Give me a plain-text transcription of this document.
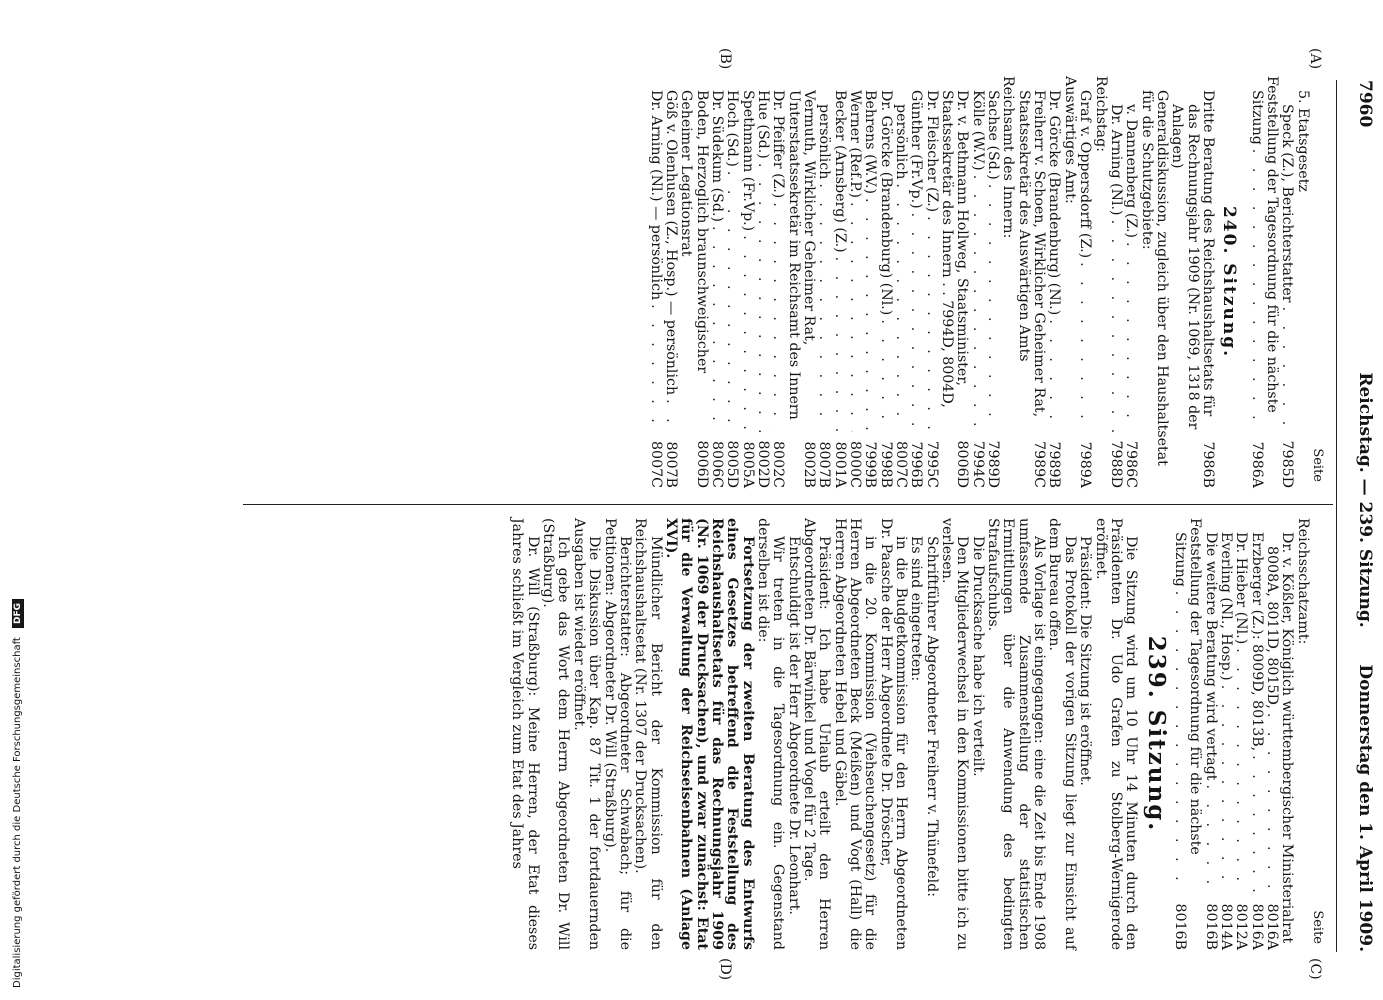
7960
Reichstag. — 239. Sitzung.
Donnerstag den 1. April 1909.
(A)
(B)
(C)
(D)
Seite
5. Etatsgesetz
Speck (Z.), Berichterstatter
. . .
7985D
Feststellung der Tagesordnung für die nächste
Sitzung
. . .
7986A
240. Sitzung.
Dritte Beratung des Reichshaushaltsetats für das Rechnungsjahr 1909 (Nr. 1069, 1318 der Anlagen)
7986B
Generaldiskussion, zugleich über den Haushaltsetat für die Schutzgebiete:
v. Dannenberg (Z.)
. . .
7986C
Dr. Arning (Nl.)
. . .
7988D
Reichstag:
Graf v. Oppersdorff (Z.)
. . .
7989A
Auswärtiges Amt:
Dr. Görcke (Brandenburg) (Nl.)
. . .
7989B
Freiherr v. Schoen, Wirklicher Geheimer Rat, Staatssekretär des Auswärtigen Amts
7989C
Reichsamt des Innern:
Sachse (Sd.)
. . .
7989D
Kölle (W.V.)
. . .
7994C
Dr. v. Bethmann Hollweg, Staatsminister, Staatssekretär des Innern . . 7994D, 8004D,
8006D
Dr. Fleischer (Z.)
. . .
7995C
Günther (Fr.Vp.)
. . .
7996B
persönlich
. . .
8007C
Dr. Görcke (Brandenburg) (Nl.)
. . .
7998B
Behrens (W.V.)
. . .
7999B
Werner (Ref.P.)
. . .
8000C
Becker (Arnsberg) (Z.)
. . .
8001A
persönlich
. . .
8007B
Vermuth, Wirklicher Geheimer Rat, Unterstaatssekretär im Reichsamt des Innern
8002B
Dr. Pfeiffer (Z.)
. . .
8002C
Hue (Sd.)
. . .
8002D
Spethmann (Fr.Vp.)
. . .
8005A
Hoch (Sd.)
. . .
8005D
Dr. Südekum (Sd.)
. . .
8006C
Boden, Herzoglich braunschweigischer Geheimer Legationsrat
8006D
Göß v. Olenhusen (Z., Hosp.) — persönlich
. . .
8007B
Dr. Arning (Nl.) — persönlich
. . .
8007C
Seite
Reichsschatzamt:
Dr. v. Kößler, Königlich württembergischer Ministerialrat
8008A, 8011D, 8015D,
. . .
8016A
Erzberger (Z.): 8009D, 8013B,
. . .
8016A
Dr. Hieber (Nl.)
. . .
8012A
Everling (Nl., Hosp.)
. . .
8014A
Die weitere Beratung wird vertagt
. . .
8016B
Feststellung der Tagesordnung für die nächste
Sitzung
. . .
8016B
239. Sitzung.

Die Sitzung wird um 10 Uhr 14 Minuten durch den Präsidenten Dr. Udo Grafen zu Stolberg-Wernigerode eröffnet.

Präsident: Die Sitzung ist eröffnet.

Das Protokoll der vorigen Sitzung liegt zur Einsicht auf dem Bureau offen.

Als Vorlage ist eingegangen: eine die Zeit bis Ende 1908 umfassende Zusammenstellung der statistischen Ermittlungen über die Anwendung des bedingten Strafaufschubs.

Die Drucksache habe ich verteilt.

Den Mitgliederwechsel in den Kommissionen bitte ich zu verlesen.

Schriftführer Abgeordneter Freiherr v. Thünefeld:

Es sind eingetreten:

in die Budgetkommission für den Herrn Abgeordneten Dr. Paasche der Herr Abgeordnete Dr. Dröscher,

in die 20. Kommission (Viehseuchengesetz) für die Herren Abgeordneten Beck (Meißen) und Vogt (Hall) die Herren Abgeordneten Hebel und Gäbel.

Präsident: Ich habe Urlaub erteilt den Herren Abgeordneten Dr. Bärwinkel und Vogel für 2 Tage.

Entschuldigt ist der Herr Abgeordnete Dr. Leonhart.

Wir treten in die Tagesordnung ein. Gegenstand derselben ist die:

Fortsetzung der zweiten Beratung des Entwurfs eines Gesetzes betreffend die Feststellung des Reichshaushaltsetats für das Rechnungsjahr 1909 (Nr. 1069 der Drucksachen), und zwar zunächst: Etat für die Verwaltung der Reichseisenbahnen (Anlage XVI).

Mündlicher Bericht der Kommission für den Reichshaushaltsetat (Nr. 1307 der Drucksachen).

Berichterstatter: Abgeordneter Schwabach; für die Petitionen: Abgeordneter Dr. Will (Straßburg).

Die Diskussion über Kap. 87 Tit. 1 der fortdauernden Ausgaben ist wieder eröffnet.

Ich gebe das Wort dem Herrn Abgeordneten Dr. Will (Straßburg).

Dr. Will (Straßburg): Meine Herren, der Etat dieses Jahres schließt im Vergleich zum Etat des Jahres

Digitalisierung gefördert durch die Deutsche Forschungsgemeinschaft DFG
